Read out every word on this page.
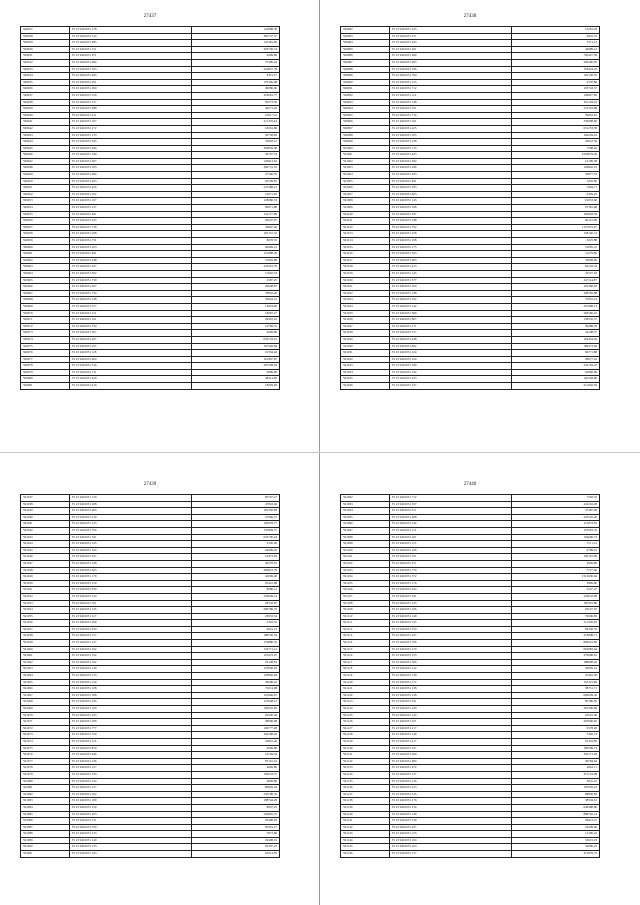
27437
590927	35 23 0410031 178	124088,58
590928	35 23 0410031 314	382737,37
590929	35 23 0410031 485	125381,69
590930	35 23 0410031 151	329750,74
590931	35 23 0410031 071	4669,80
590932	35 23 0410031 094	75396,24
590933	35 23 0410031 763	224857,78
590934	35 23 0410031 465	8115,37
590935	35 23 0410031 451	179346,98
590936	35 23 0410031 650	49080,60
590937	35 23 0410031 316	318661,77
590938	35 23 0410031 517	59373,50
590939	35 23 0410031 488	49271,29
590940	35 23 0410031 411	10917,41
590941	35 23 0410031 167	211325,44
590942	35 23 0410031 172	18261,86
590943	35 23 0410031 133	39758,82
590944	35 23 0410031 045	32832,12
590945	35 23 0410031 496	366859,58
590946	35 23 0410031 349	30767,53
590947	35 23 0410031 057	145813,62
590948	35 23 0410031 163	380731,52
590949	35 23 0410031 094	27566,35
590950	35 23 0410031 263	95239,81
590951	35 23 0410031 426	247498,12
590952	35 23 0410031 102	14071,65
590953	35 23 0410031 167	128686,53
590954	35 23 0410031 237	90871,88
590955	35 23 0410031 461	154177,89
590956	35 23 0410031 015	29047,07
590957	35 23 0410031 718	34867,40
590958	35 23 0410031 108	105101,32
590959	35 23 0410031 731	8678,35
590960	35 23 0410031 023	60999,21
590961	35 23 0410031 461	151088,29
590962	35 23 0410031 448	31665,88
590963	35 23 0410031 327	225061,78
590964	35 23 0410031 302	15662,53
590965	35 23 0410031 730	2587,25
590966	35 23 0410031 027	29048,67
590967	35 23 0410031 734	78832,26
590968	35 23 0410031 148	59624,31
590969	35 23 0410031 377	14824,66
590970	35 23 0410031 211	18667,27
590971	35 23 0410031 161	29922,81
590972	35 23 0410031 150	16782,31
590973	35 23 0410031 567	4669,80
590974	35 23 0410031 207	633733,61
590975	35 23 0410031 237	167526,84
590976	35 23 0410031 118	10334,42
590977	35 23 0410031 400	161867,87
590978	35 23 0410031 316	287228,04
590979	35 23 0410031 131	6689,00
590980	35 23 0410031 429	48414,85
590981	35 23 0410031 416	18629,93
27438
590982	35 23 0410031 225	16281,03
590983	35 23 0410031 271	6952,33
590984	35 23 0410031 643	3711,12
590985	35 23 0410031 261	44899,12
590986	35 23 0410031 469	700427,39
590987	35 23 0410031 095	209360,65
590988	35 23 0410031 196	158424,25
590989	35 23 0410031 700	162156,55
590990	35 23 0410031 153	4707,86
590991	35 23 0410031 712	105743,37
590992	35 23 0410031 112	106827,82
590993	35 23 0410031 148	361104,22
590994	35 23 0410031 101	274103,88
590995	35 23 0410031 716	59061,61
590996	35 23 0410031 161	336998,66
590997	35 23 0410031 225	651253,58
590998	35 23 0410031 105	164229,61
590999	35 23 0410031 238	43012,56
591000	35 23 0410031 715	7568,45
591001	35 23 0410031 423	2343879,30
591002	35 23 0410031 492	12199,38
591003	35 23 0410031 046	104842,19
591004	35 23 0410031 463	36877,53
591005	35 23 0410031 461	1945,60
591006	35 23 0410031 183	1904,71
591007	35 23 0410031 403	2429,25
591008	35 23 0410031 145	19653,60
591009	35 23 0410031 198	97381,68
591010	35 23 0410031 347	166003,54
591011	35 23 0410031 038	60141,09
591012	35 23 0410031 722	1157651,97
591013	35 23 0410031 018	158140,31
591014	35 23 0410031 198	3025,88
591015	35 23 0410031 175	51095,12
591016	35 23 0410031 303	11679,80
591017	35 23 0410031 003	33858,90
591018	35 23 0410031 413	64163,34
591019	35 23 0410031 145	32527,03
591020	35 23 0410031 377	247114,87
591021	35 23 0410031 100	165360,63
591022	35 23 0410031 198	398782,88
591023	35 23 0410031 162	37001,14
591024	35 23 0410031 142	291998,13
591025	35 23 0410031 609	282566,16
591026	35 23 0410031 807	138332,37
591027	35 23 0410031 171	39488,78
591028	35 23 0410031 157	34108,37
591029	35 23 0410031 448	164454,26
591030	35 23 0410031 402	189373,94
591031	35 23 0410031 124	96771,88
591032	35 23 0410031 124	28677,16
591033	35 23 0410031 180	222794,47
591034	35 23 0410031 192	63866,96
591035	35 23 0410031 223	102228,80
591036	35 23 0410031 237	611662,39
27439
591037	35 23 0410031 130	85767,27
591038	35 23 0410031 208	47818,46
591039	35 23 0410031 493	193356,83
591040	35 23 0410031 219	27966,15
591041	35 23 0410031 125	160978,77
591042	35 23 0410031 356	135839,57
591043	35 23 0410031 321	632700,44
591044	35 23 0410031 145	2330,06
591045	35 23 0410031 324	64699,02
591046	35 23 0410031 637	16473,63
591047	35 23 0410031 168	46378,81
591048	35 23 0410031 623	469823,79
591049	35 23 0410031 179	42069,40
591050	35 23 0410031 150	95441,89
591051	35 23 0410031 259	8080,21
591052	35 23 0410031 314	236649,14
591053	35 23 0410031 701	28132,87
591054	35 23 0410031 145	586786,76
591055	35 23 0410031 117	23033,34
591056	35 23 0410031 290	2316,52
591057	35 23 0410031 250	6641,21
591058	35 23 0410031 157	188746,34
591059	35 23 0410031 127	176880,76
591060	35 23 0410031 162	135771,12
591061	35 23 0410031 152	125472,07
591062	35 23 0410031 162	23148,81
591063	35 23 0410031 149	123938,63
591064	35 23 0410031 133	120820,94
591065	35 23 0410031 129	39600,16
591066	35 23 0410031 108	72614,98
591067	35 23 0410031 308	101846,67
591068	35 23 0410031 226	127648,13
591069	35 23 0410031 160	199455,82
591070	35 23 0410031 163	20430,44
591071	35 23 0410031 189	38696,68
591072	35 23 0410031 777	109777,28
591073	35 23 0410031 150	326208,26
591074	35 23 0410031 116	22891,46
591075	35 23 0410031 870	4669,80
591076	35 23 0410031 496	16704,34
591077	35 23 0410031 236	87161,16
591078	35 23 0410031 127	4669,80
591079	35 23 0410031 343	169633,37
591080	35 23 0410031 124	4669,80
591081	35 23 0410031 127	69829,44
591082	35 23 0410031 162	230798,35
591083	35 23 0410031 189	188744,28
591084	35 23 0410031 159	8937,25
591085	35 23 0410031 203	204805,72
591086	35 23 0410031 511	29498,63
591087	35 23 0410031 379	87091,17
591088	35 23 0410031 133	5873,86
591089	35 23 0410031 140	29498,01
591090	35 23 0410031 133	62307,23
591091	35 23 0410031 163	63014,83
27440
591092	35 23 0410031 712	7502,33
591093	35 23 0410031 357	441222,28
591094	35 23 0410031 211	27487,96
591095	35 23 0410031 408	445545,40
591096	35 23 0410031 142	114053,36
591097	35 23 0410031 112	197681,33
591098	35 23 0410031 101	194096,74
591099	35 23 0410031 113	3711,12
591100	35 23 0410031 166	6789,61
591101	35 23 0410031 101	185161,99
591102	35 23 0410031 271	4669,80
591103	35 23 0410031 779	7727,92
591104	35 23 0410031 372	1512636,64
591105	35 23 0410031 176	3869,80
591106	35 23 0410031 224	2547,47
591107	35 23 0410031 521	226032,99
591108	35 23 0410031 145	185301,86
591109	35 23 0410031 166	64527,07
591110	35 23 0410031 149	76006,85
591111	35 23 0410031 155	511592,65
591112	35 23 0410031 150	84356,33
591113	35 23 0410031 167	218698,71
591114	35 23 0410031 706	809041,85
591115	35 23 0410031 170	662083,64
591116	35 23 0410031 155	376088,81
591117	35 23 0410031 306	188608,26
591118	35 23 0410031 122	20095,14
591119	35 23 0410031 129	47401,30
591120	35 23 0410031 172	165115,99
591121	35 23 0410031 138	38751,71
591122	35 23 0410031 218	699659,36
591123	35 23 0410031 191	85186,92
591124	35 23 0410031 220	203306,89
591125	35 23 0410031 124	24591,06
591126	35 23 0410031 101	205060,65
591127	35 23 0410031 217	6578,20
591128	35 23 0410031 149	3392,13
591129	35 23 0410031 417	61452,85
591130	35 23 0410031 167	189589,73
591131	35 23 0410031 269	392171,93
591132	35 23 0410031 284	39784,64
591133	35 23 0410031 472	2661,11
591134	35 23 0410031 137	315724,08
591135	35 23 0410031 126	3016,10
591136	35 23 0410031 123	197645,22
591137	35 23 0410031 145	88850,85
591138	35 23 0410031 176	38504,61
591139	35 23 0410031 134	649488,86
591140	35 23 0410031 149	888762,14
591141	35 23 0410031 159	28421,15
591142	35 23 0410031 227	24209,90
591143	35 23 0410031 155	12296,16
591144	35 23 0410031 104	33615,23
591145	35 23 0410031 163	34686,23
591146	35 23 0410031 137	312878,72
